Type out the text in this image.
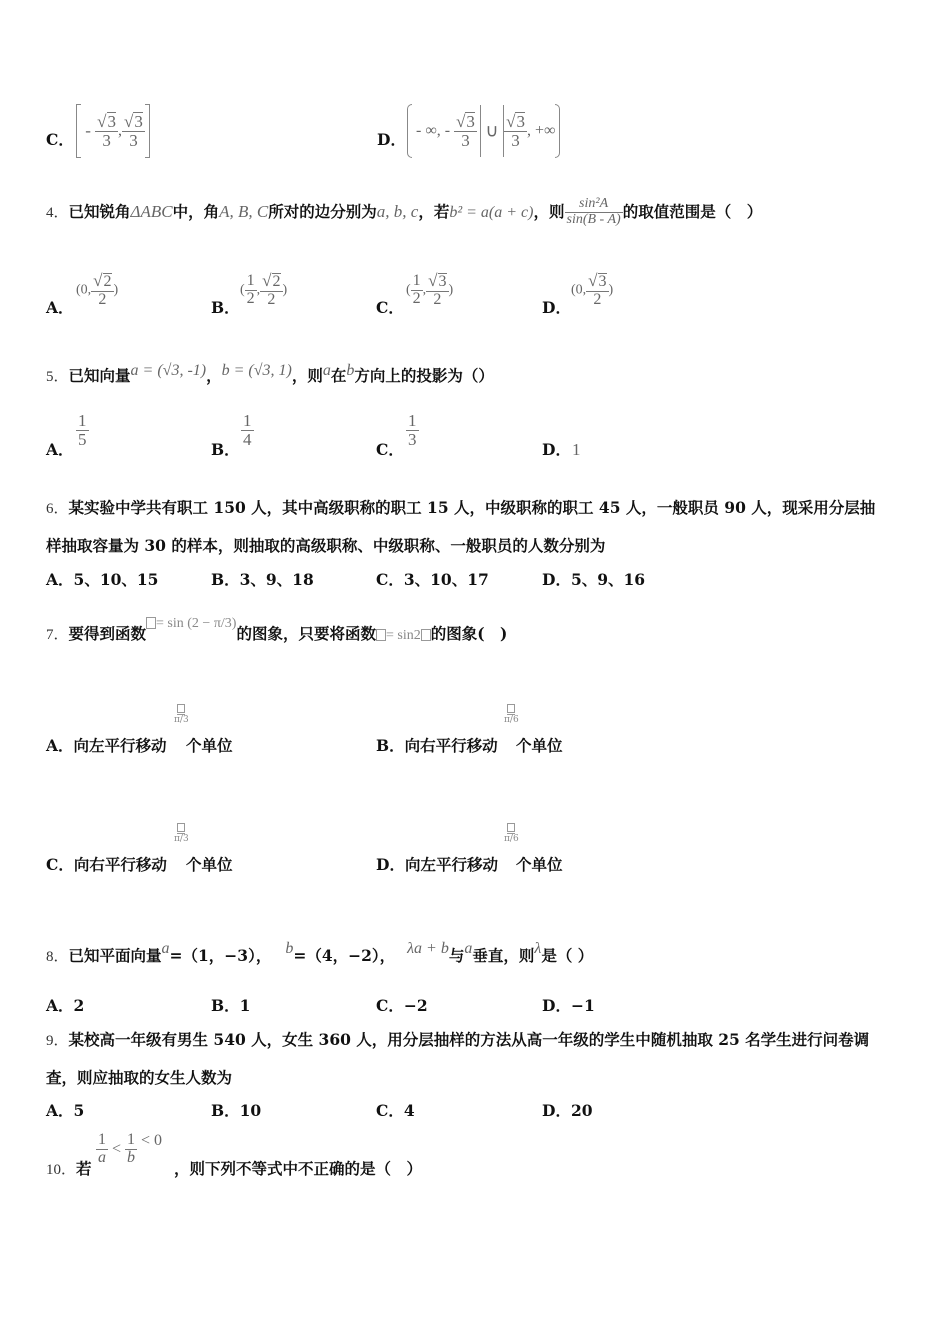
C． - $\frac{√3}{3}$ , $\frac{√3}{3}$	D． - ∞, - $\frac{√3}{3}$ ∪ $\frac{√3}{3}$ , +∞
4．已知锐角ΔABC中，角A, B, C所对的边分别为a, b, c，若b² = a(a + c)，则 $\frac{\text{sin²A}}{\sin(B - A)}$ 的取值范围是（　）
A．
(0, $\frac{√2}{2}$ )
B．
( $\frac{1}{2}$ , $\frac{√2}{2}$ )
C．
( $\frac{1}{2}$ , $\frac{√3}{2}$ )
D．
(0, $\frac{√3}{2}$ )
5．已知向量a = (√3, -1)，b = (√3, 1)，则a在b方向上的投影为（）
A．
1
5
B．
1
4
C．
1
3
D． 1
6．某实验中学共有职工 150 人，其中高级职称的职工 15 人，中级职称的职工 45 人，一般职员 90 人，现采用分层抽
样抽取容量为 30 的样本，则抽取的高级职称、中级职称、一般职员的人数分别为
A．5、10、15	B．3、9、18	C．3、10、17	D．5、9、16
7．要得到函数= sin (2 − π/3)的图象，只要将函数 = sin2 的图象(　)
A．向左平行移动
π/3
个单位	B．向右平行移动
π/6
个单位
C．向右平行移动
π/3
个单位	D．向左平行移动
π/6
个单位
8．已知平面向量a=（1，−3）， b=（4，−2）， λa + b与a垂直，则λ是（ ）
A．2	B．1	C．−2	D．−1
9．某校高一年级有男生 540 人，女生 360 人，用分层抽样的方法从高一年级的学生中随机抽取 25 名学生进行问卷调
查，则应抽取的女生人数为
A．5	B．10	C．4	D．20
10．若
$\frac{1}{a} < \frac{1}{b} < 0$
，则下列不等式中不正确的是（　）
